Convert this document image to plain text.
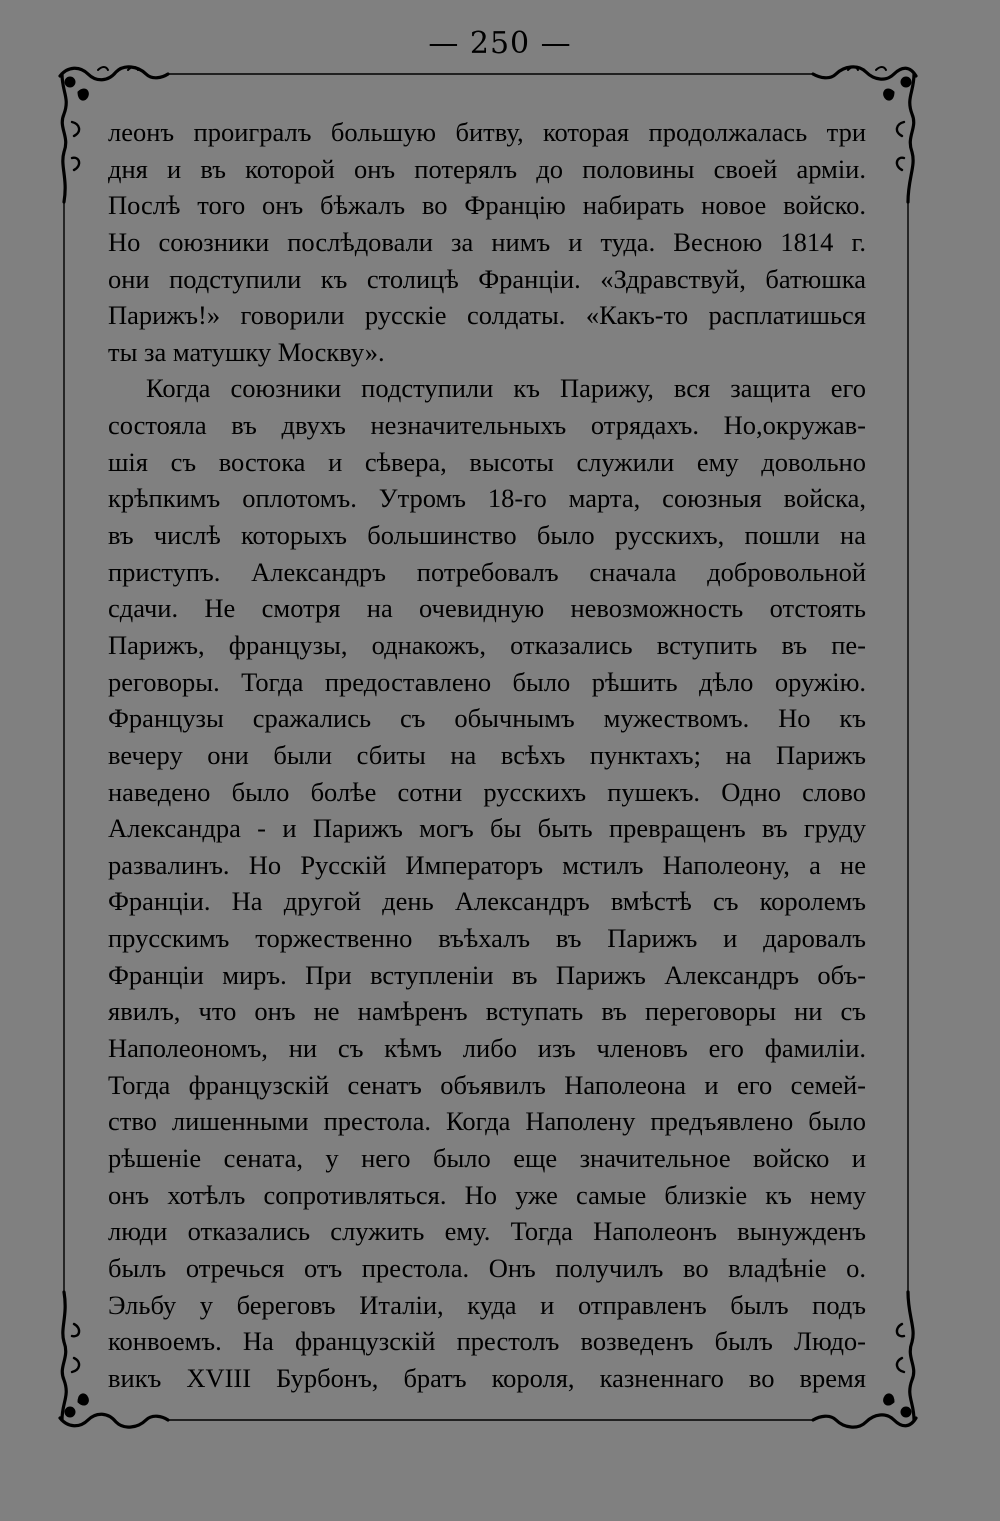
— 250 —

леонъ проигралъ большую битву, которая продолжалась три
дня и въ которой онъ потерялъ до половины своей арміи.
Послѣ того онъ бѣжалъ во Францію набирать новое войско.
Но союзники послѣдовали за нимъ и туда. Весною 1814 г.
они подступили къ столицѣ Франціи. «Здравствуй, батюшка
Парижъ!» говорили русскіе солдаты. «Какъ-то расплатишься
ты за матушку Москву».

Когда союзники подступили къ Парижу, вся защита его
состояла въ двухъ незначительныхъ отрядахъ. Но,окружав-
шія съ востока и сѣвера, высоты служили ему довольно
крѣпкимъ оплотомъ. Утромъ 18-го марта, союзныя войска,
въ числѣ которыхъ большинство было русскихъ, пошли на
приступъ. Александръ потребовалъ сначала добровольной
сдачи. Не смотря на очевидную невозможность отстоять
Парижъ, французы, однакожъ, отказались вступить въ пе-
реговоры. Тогда предоставлено было рѣшить дѣло оружію.
Французы сражались съ обычнымъ мужествомъ. Но къ
вечеру они были сбиты на всѣхъ пунктахъ; на Парижъ
наведено было болѣе сотни русскихъ пушекъ. Одно слово
Александра - и Парижъ могъ бы быть превращенъ въ груду
развалинъ. Но Русскій Императоръ мстилъ Наполеону, а не
Франціи. На другой день Александръ вмѣстѣ съ королемъ
прусскимъ торжественно въѣхалъ въ Парижъ и даровалъ
Франціи миръ. При вступленіи въ Парижъ Александръ объ-
явилъ, что онъ не намѣренъ вступать въ переговоры ни съ
Наполеономъ, ни съ кѣмъ либо изъ членовъ его фамиліи.
Тогда французскій сенатъ объявилъ Наполеона и его семей-
ство лишенными престола. Когда Наполену предъявлено было
рѣшеніе сената, у него было еще значительное войско и
онъ хотѣлъ сопротивляться. Но уже самые близкіе къ нему
люди отказались служить ему. Тогда Наполеонъ вынужденъ
былъ отречься отъ престола. Онъ получилъ во владѣніе о.
Эльбу у береговъ Италіи, куда и отправленъ былъ подъ
конвоемъ. На французскій престолъ возведенъ былъ Людо-
викъ XVIII Бурбонъ, братъ короля, казненнаго во время
